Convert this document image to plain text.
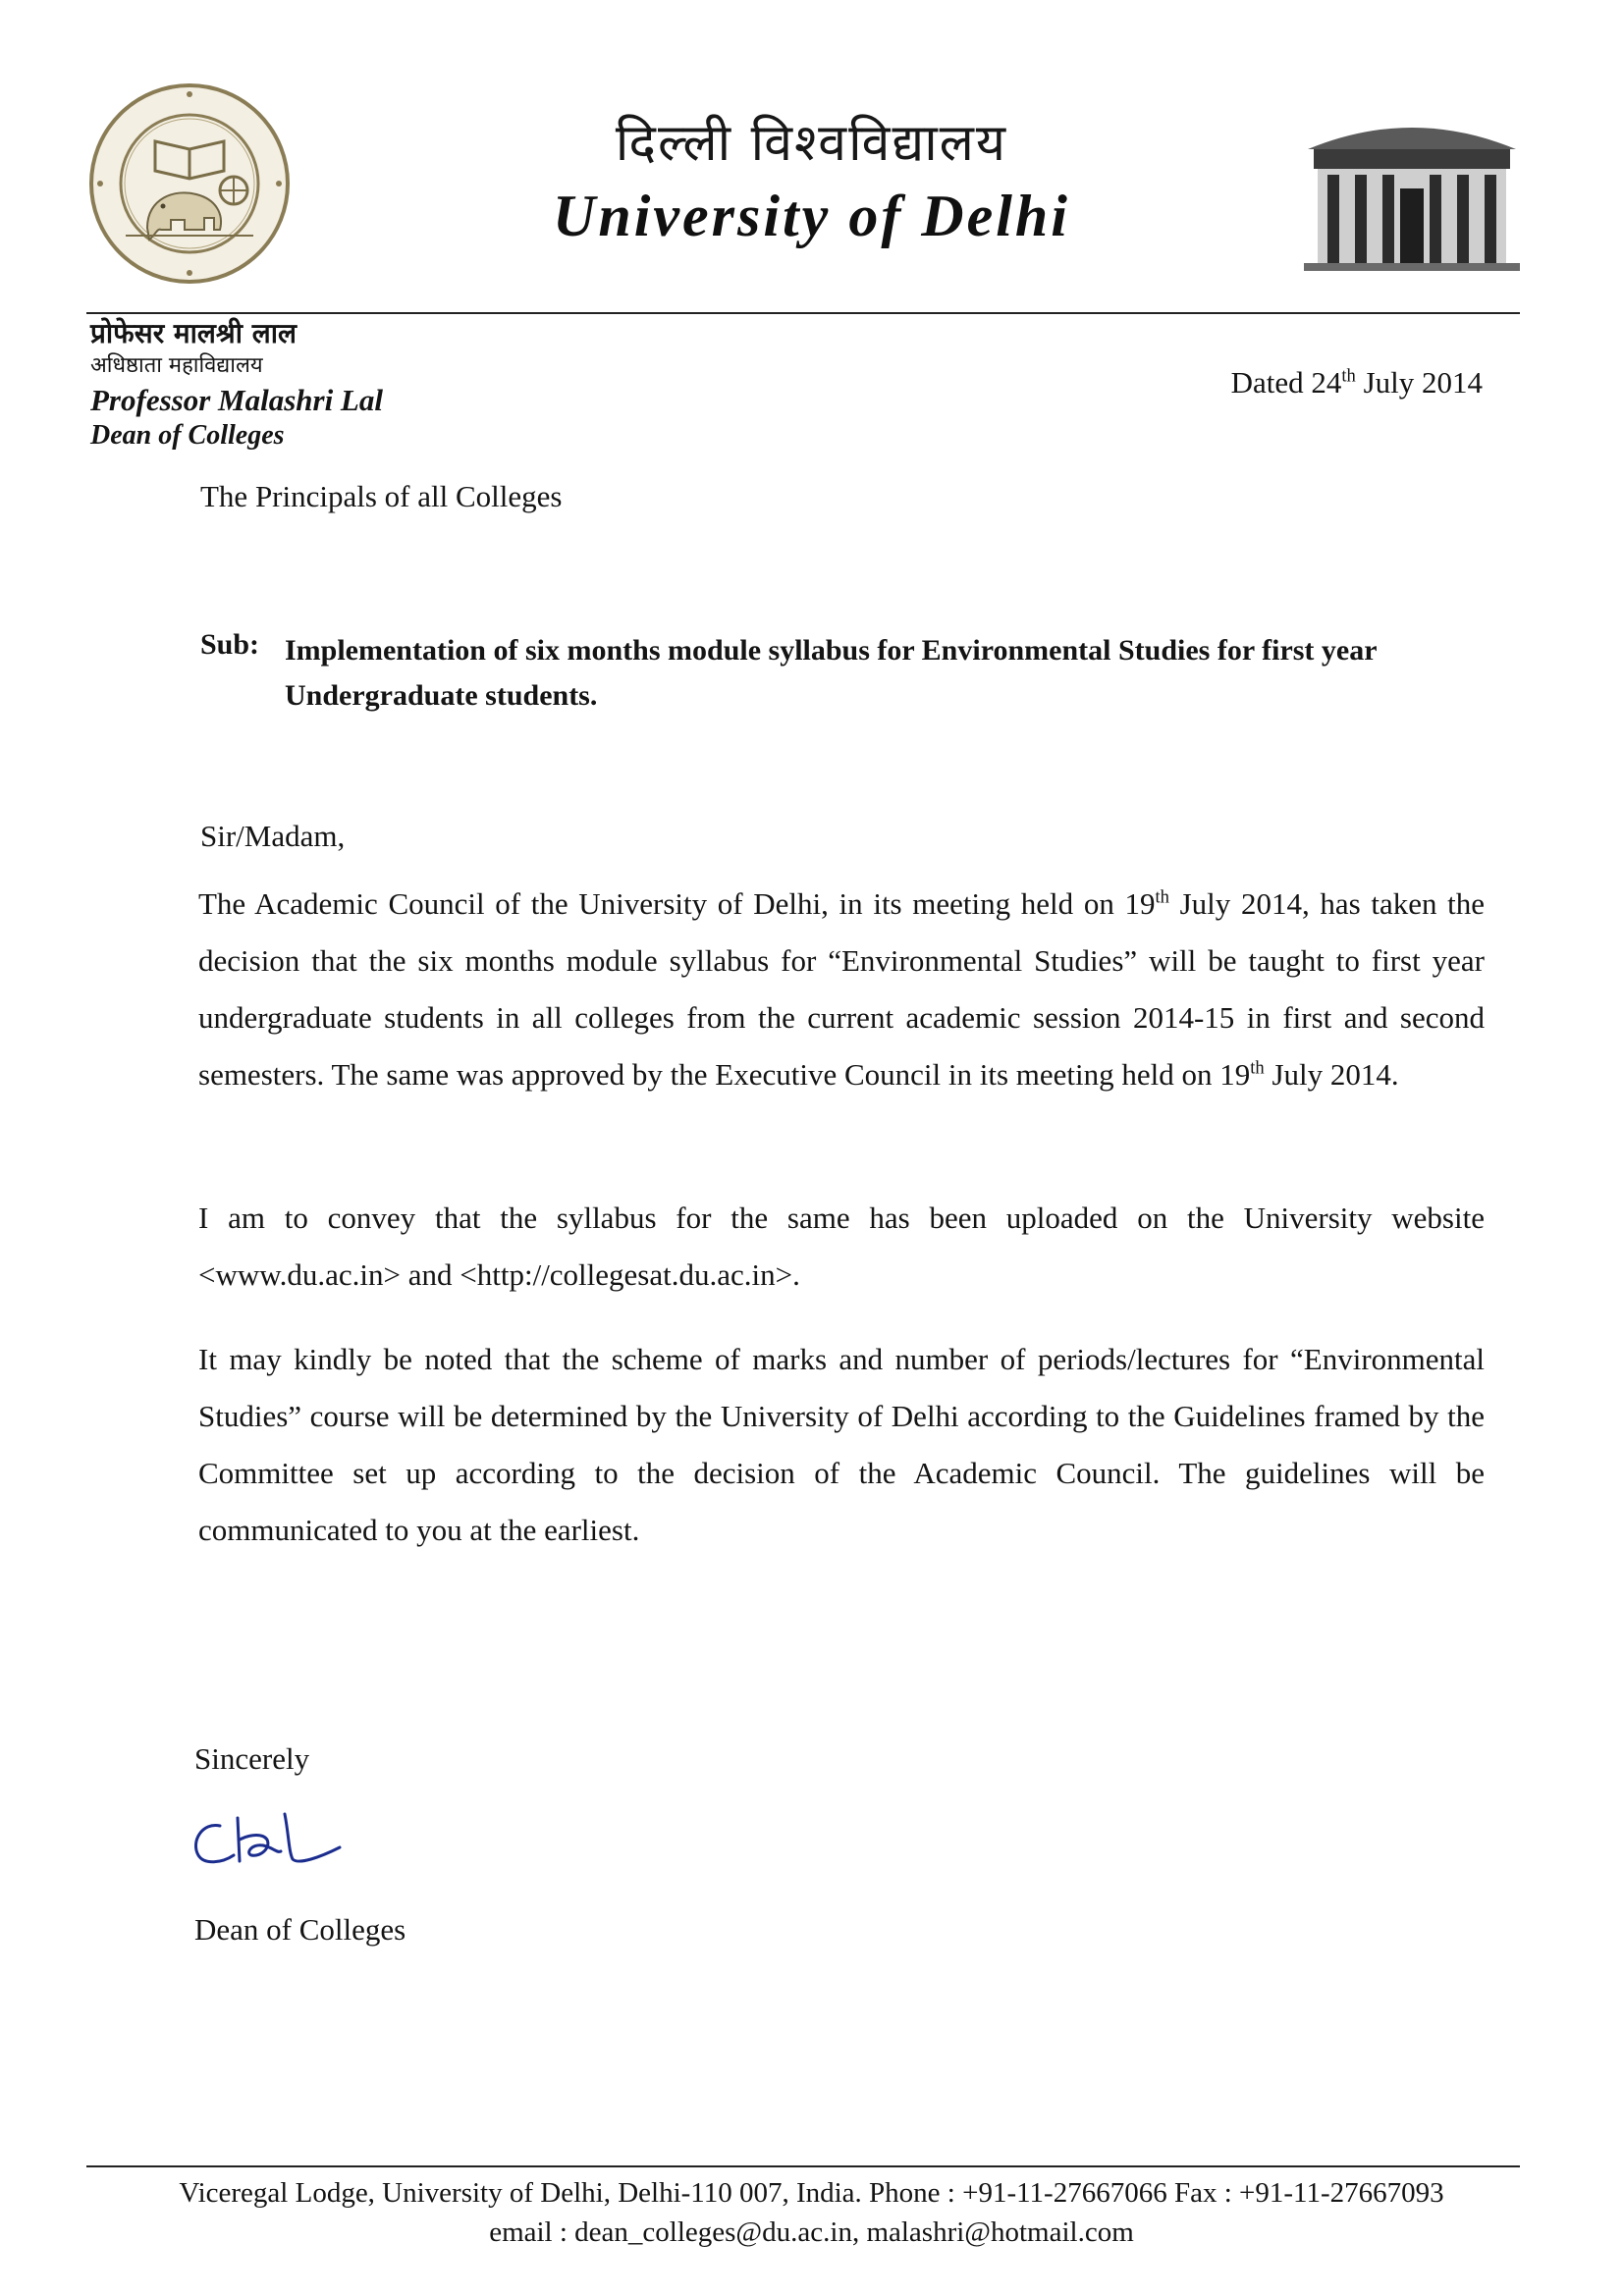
दिल्ली विश्वविद्यालय
University of Delhi
प्रोफेसर मालश्री लाल
अधिष्ठाता महाविद्यालय
Professor Malashri Lal
Dean of Colleges
Dated 24th July 2014
The Principals of all Colleges
Sub: Implementation of six months module syllabus for Environmental Studies for first year Undergraduate students.
Sir/Madam,
The Academic Council of the University of Delhi, in its meeting held on 19th July 2014, has taken the decision that the six months module syllabus for “Environmental Studies” will be taught to first year undergraduate students in all colleges from the current academic session 2014-15 in first and second semesters. The same was approved by the Executive Council in its meeting held on 19th July 2014.
I am to convey that the syllabus for the same has been uploaded on the University website <www.du.ac.in> and <http://collegesat.du.ac.in>.
It may kindly be noted that the scheme of marks and number of periods/lectures for “Environmental Studies” course will be determined by the University of Delhi according to the Guidelines framed by the Committee set up according to the decision of the Academic Council. The guidelines will be communicated to you at the earliest.
Sincerely
Dean of Colleges
Viceregal Lodge, University of Delhi, Delhi-110 007, India. Phone : +91-11-27667066 Fax : +91-11-27667093
email : dean_colleges@du.ac.in, malashri@hotmail.com
